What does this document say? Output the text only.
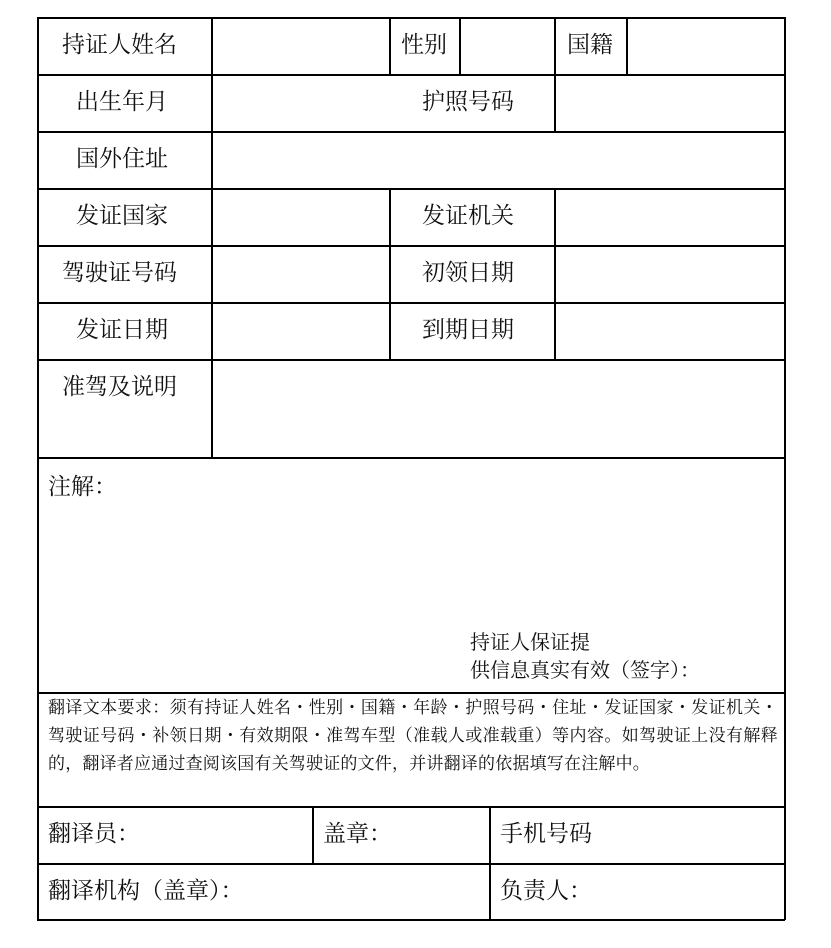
持证人姓名	性别	国籍
出生年月	护照号码
国外住址
发证国家	发证机关
驾驶证号码	初领日期
发证日期	到期日期
准驾及说明
注解：
持证人保证提
供信息真实有效（签字）：
翻译文本要求：须有持证人姓名・性别・国籍・年龄・护照号码・住址・发证国家・发证机关・驾驶证号码・补领日期・有效期限・准驾车型（准载人或准载重）等内容。如驾驶证上没有解释的，翻译者应通过查阅该国有关驾驶证的文件，并讲翻译的依据填写在注解中。
翻译员：	盖章：	手机号码
翻译机构（盖章）：	负责人：
